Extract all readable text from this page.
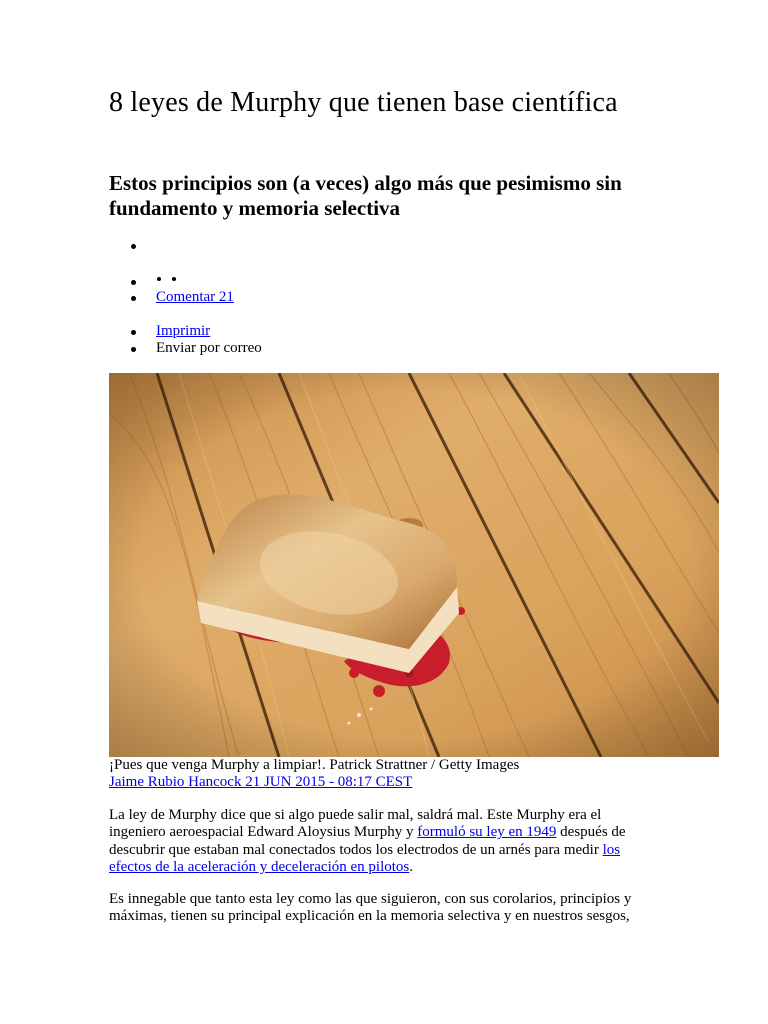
8 leyes de Murphy que tienen base científica
Estos principios son (a veces) algo más que pesimismo sin fundamento y memoria selectiva
Comentar 21
Imprimir
Enviar por correo
¡Pues que venga Murphy a limpiar!. Patrick Strattner / Getty Images
Jaime Rubio Hancock 21 JUN 2015 - 08:17 CEST
La ley de Murphy dice que si algo puede salir mal, saldrá mal. Este Murphy era el
ingeniero aeroespacial Edward Aloysius Murphy y formuló su ley en 1949 después de
descubrir que estaban mal conectados todos los electrodos de un arnés para medir los
efectos de la aceleración y deceleración en pilotos.
Es innegable que tanto esta ley como las que siguieron, con sus corolarios, principios y
máximas, tienen su principal explicación en la memoria selectiva y en nuestros sesgos,
